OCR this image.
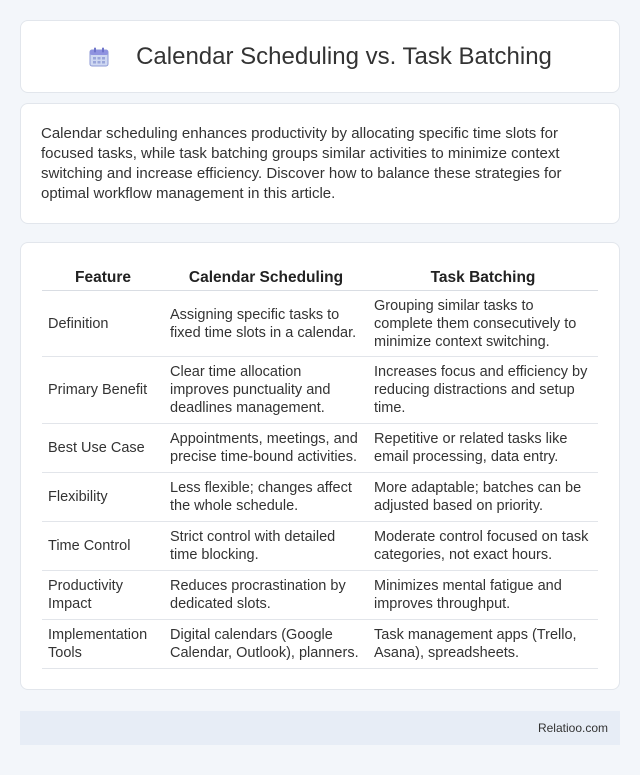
Calendar Scheduling vs. Task Batching

Calendar scheduling enhances productivity by allocating specific time slots for focused tasks, while task batching groups similar activities to minimize context switching and increase efficiency. Discover how to balance these strategies for optimal workflow management in this article.

Feature	Calendar Scheduling	Task Batching
Definition	Assigning specific tasks to fixed time slots in a calendar.	Grouping similar tasks to complete them consecutively to minimize context switching.
Primary Benefit	Clear time allocation improves punctuality and deadlines management.	Increases focus and efficiency by reducing distractions and setup time.
Best Use Case	Appointments, meetings, and precise time-bound activities.	Repetitive or related tasks like email processing, data entry.
Flexibility	Less flexible; changes affect the whole schedule.	More adaptable; batches can be adjusted based on priority.
Time Control	Strict control with detailed time blocking.	Moderate control focused on task categories, not exact hours.
Productivity Impact	Reduces procrastination by dedicated slots.	Minimizes mental fatigue and improves throughput.
Implementation Tools	Digital calendars (Google Calendar, Outlook), planners.	Task management apps (Trello, Asana), spreadsheets.
Relatioo.com
